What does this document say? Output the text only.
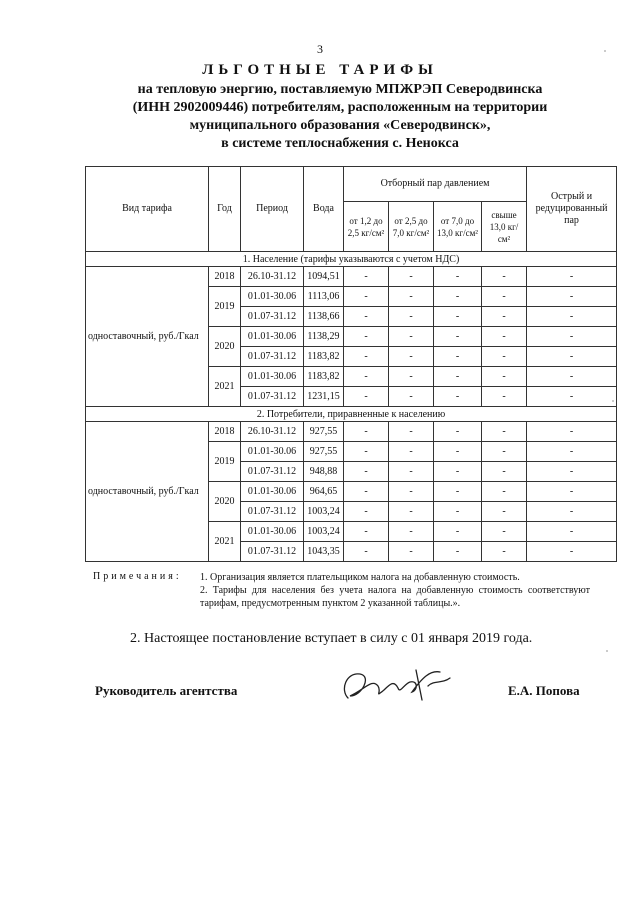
3
ЛЬГОТНЫЕ ТАРИФЫ
на тепловую энергию, поставляемую МПЖРЭП Северодвинска
(ИНН 2902009446) потребителям, расположенным на территории
муниципального образования «Северодвинск»,
в системе теплоснабжения с. Ненокса
Вид тарифа	Год	Период	Вода	Отборный пар давлением				Острый и редуцированный пар
				от 1,2 до 2,5 кг/см²	от 2,5 до 7,0 кг/см²	от 7,0 до 13,0 кг/см²	свыше 13,0 кг/см²	
1. Население (тарифы указываются с учетом НДС)								
одноставочный, руб./Гкал	2018	26.10-31.12	1094,51	-	-	-	-	-
	2019	01.01-30.06	1113,06	-	-	-	-	-
		01.07-31.12	1138,66	-	-	-	-	-
	2020	01.01-30.06	1138,29	-	-	-	-	-
		01.07-31.12	1183,82	-	-	-	-	-
	2021	01.01-30.06	1183,82	-	-	-	-	-
		01.07-31.12	1231,15	-	-	-	-	-
2. Потребители, приравненные к населению								
одноставочный, руб./Гкал	2018	26.10-31.12	927,55	-	-	-	-	-
	2019	01.01-30.06	927,55	-	-	-	-	-
		01.07-31.12	948,88	-	-	-	-	-
	2020	01.01-30.06	964,65	-	-	-	-	-
		01.07-31.12	1003,24	-	-	-	-	-
	2021	01.01-30.06	1003,24	-	-	-	-	-
		01.07-31.12	1043,35	-	-	-	-	-
Примечания: 1. Организация является плательщиком налога на добавленную стоимость.
2. Тарифы для населения без учета налога на добавленную стоимость соответствуют тарифам, предусмотренным пунктом 2 указанной таблицы.».
2. Настоящее постановление вступает в силу с 01 января 2019 года.
Руководитель агентства	Е.А. Попова
